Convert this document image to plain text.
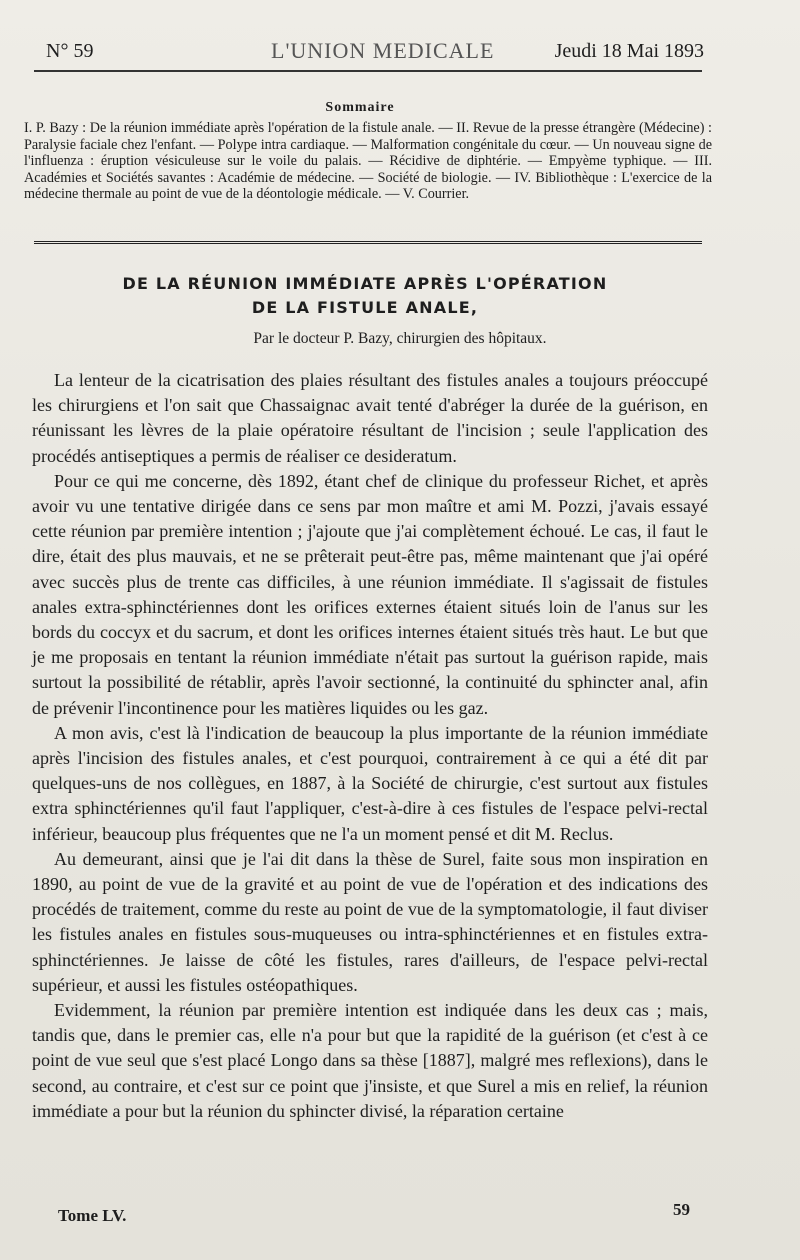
N° 59	L'UNION MEDICALE	Jeudi 18 Mai 1893
Sommaire
I. P. Bazy : De la réunion immédiate après l'opération de la fistule anale. — II. Revue de la presse étrangère (Médecine) : Paralysie faciale chez l'enfant. — Polype intra cardiaque. — Malformation congénitale du cœur. — Un nouveau signe de l'influenza : éruption vésiculeuse sur le voile du palais. — Récidive de diphtérie. — Empyème typhique. — III. Académies et Sociétés savantes : Académie de médecine. — Société de biologie. — IV. Bibliothèque : L'exercice de la médecine thermale au point de vue de la déontologie médicale. — V. Courrier.
DE LA RÉUNION IMMÉDIATE APRÈS L'OPÉRATION
DE LA FISTULE ANALE,
Par le docteur P. Bazy, chirurgien des hôpitaux.

La lenteur de la cicatrisation des plaies résultant des fistules anales a toujours préoccupé les chirurgiens et l'on sait que Chassaignac avait tenté d'abréger la durée de la guérison, en réunissant les lèvres de la plaie opératoire résultant de l'incision ; seule l'application des procédés antiseptiques a permis de réaliser ce desideratum.

Pour ce qui me concerne, dès 1892, étant chef de clinique du professeur Richet, et après avoir vu une tentative dirigée dans ce sens par mon maître et ami M. Pozzi, j'avais essayé cette réunion par première intention ; j'ajoute que j'ai complètement échoué. Le cas, il faut le dire, était des plus mauvais, et ne se prêterait peut-être pas, même maintenant que j'ai opéré avec succès plus de trente cas difficiles, à une réunion immédiate. Il s'agissait de fistules anales extra-sphinctériennes dont les orifices externes étaient situés loin de l'anus sur les bords du coccyx et du sacrum, et dont les orifices internes étaient situés très haut. Le but que je me proposais en tentant la réunion immédiate n'était pas surtout la guérison rapide, mais surtout la possibilité de rétablir, après l'avoir sectionné, la continuité du sphincter anal, afin de prévenir l'incontinence pour les matières liquides ou les gaz.

A mon avis, c'est là l'indication de beaucoup la plus importante de la réunion immédiate après l'incision des fistules anales, et c'est pourquoi, contrairement à ce qui a été dit par quelques-uns de nos collègues, en 1887, à la Société de chirurgie, c'est surtout aux fistules extra sphinctériennes qu'il faut l'appliquer, c'est-à-dire à ces fistules de l'espace pelvi-rectal inférieur, beaucoup plus fréquentes que ne l'a un moment pensé et dit M. Reclus.

Au demeurant, ainsi que je l'ai dit dans la thèse de Surel, faite sous mon inspiration en 1890, au point de vue de la gravité et au point de vue de l'opération et des indications des procédés de traitement, comme du reste au point de vue de la symptomatologie, il faut diviser les fistules anales en fistules sous-muqueuses ou intra-sphinctériennes et en fistules extra-sphinctériennes. Je laisse de côté les fistules, rares d'ailleurs, de l'espace pelvi-rectal supérieur, et aussi les fistules ostéopathiques.

Evidemment, la réunion par première intention est indiquée dans les deux cas ; mais, tandis que, dans le premier cas, elle n'a pour but que la rapidité de la guérison (et c'est à ce point de vue seul que s'est placé Longo dans sa thèse [1887], malgré mes reflexions), dans le second, au contraire, et c'est sur ce point que j'insiste, et que Surel a mis en relief, la réunion immédiate a pour but la réunion du sphincter divisé, la réparation certaine

Tome LV.	59
